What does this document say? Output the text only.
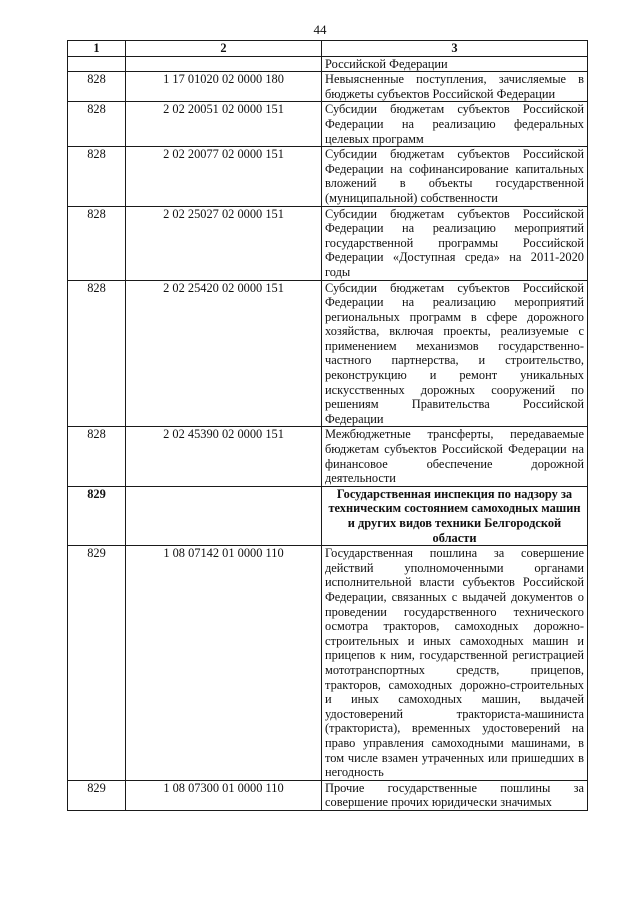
44
1	2	3
		Российской Федерации
828	1 17 01020 02 0000 180	Невыясненные поступления, зачисляемые в бюджеты субъектов Российской Федерации
828	2 02 20051 02 0000 151	Субсидии бюджетам субъектов Российской Федерации на реализацию федеральных целевых программ
828	2 02 20077 02 0000 151	Субсидии бюджетам субъектов Российской Федерации на софинансирование капитальных вложений в объекты государственной (муниципальной) собственности
828	2 02 25027 02 0000 151	Субсидии бюджетам субъектов Российской Федерации на реализацию мероприятий государственной программы Российской Федерации «Доступная среда» на 2011-2020 годы
828	2 02 25420 02 0000 151	Субсидии бюджетам субъектов Российской Федерации на реализацию мероприятий региональных программ в сфере дорожного хозяйства, включая проекты, реализуемые с применением механизмов государственно-частного партнерства, и строительство, реконструкцию и ремонт уникальных искусственных дорожных сооружений по решениям Правительства Российской Федерации
828	2 02 45390 02 0000 151	Межбюджетные трансферты, передаваемые бюджетам субъектов Российской Федерации на финансовое обеспечение дорожной деятельности
829		Государственная инспекция по надзору за техническим состоянием самоходных машин и других видов техники Белгородской области
829	1 08 07142 01 0000 110	Государственная пошлина за совершение действий уполномоченными органами исполнительной власти субъектов Российской Федерации, связанных с выдачей документов о проведении государственного технического осмотра тракторов, самоходных дорожно-строительных и иных самоходных машин и прицепов к ним, государственной регистрацией мототранспортных средств, прицепов, тракторов, самоходных дорожно-строительных и иных самоходных машин, выдачей удостоверений тракториста-машиниста (тракториста), временных удостоверений на право управления самоходными машинами, в том числе взамен утраченных или пришедших в негодность
829	1 08 07300 01 0000 110	Прочие государственные пошлины за совершение прочих юридически значимых
